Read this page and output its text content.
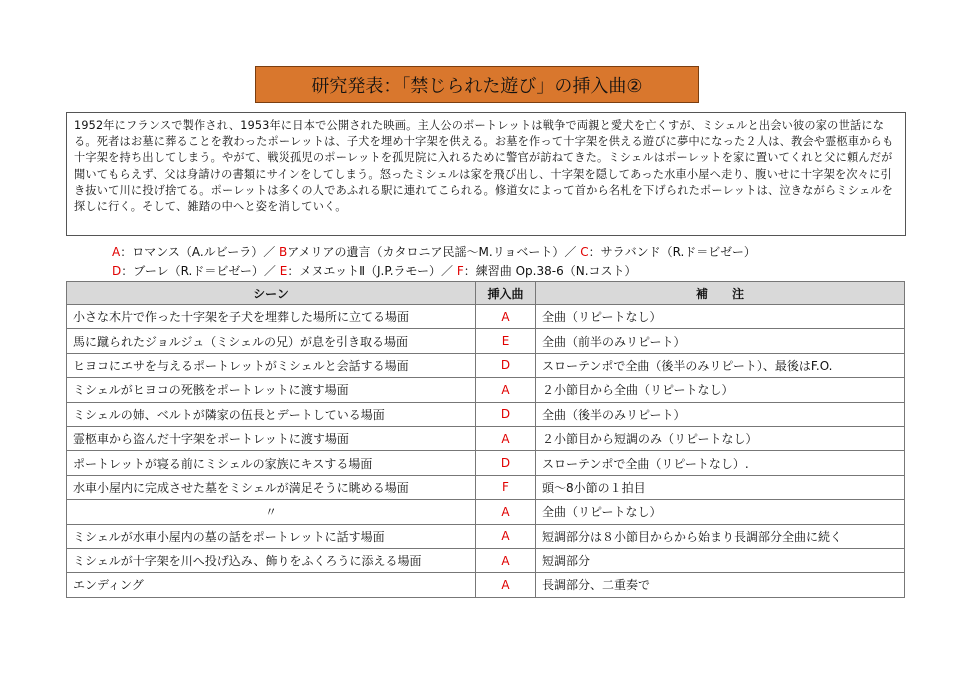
研究発表：「禁じられた遊び」の挿入曲②
1952年にフランスで製作され、1953年に日本で公開された映画。主人公のポートレットは戦争で両親と愛犬を亡くすが、ミシェルと出会い彼の家の世話になる。死者はお墓に葬ることを教わったポーレットは、子犬を埋め十字架を供える。お墓を作って十字架を供える遊びに夢中になった２人は、教会や霊柩車からも十字架を持ち出してしまう。やがて、戦災孤児のポーレットを孤児院に入れるために警官が訪ねてきた。ミシェルはポーレットを家に置いてくれと父に頼んだが聞いてもらえず、父は身請けの書類にサインをしてしまう。怒ったミシェルは家を飛び出し、十字架を隠してあった水車小屋へ走り、腹いせに十字架を次々に引き抜いて川に投げ捨てる。ポーレットは多くの人であふれる駅に連れてこられる。修道女によって首から名札を下げられたポーレットは、泣きながらミシェルを探しに行く。そして、雑踏の中へと姿を消していく。
A：ロマンス（A.ルビーラ）／ Bアメリアの遺言（カタロニア民謡〜M.リョベート）／ C：サラバンド（R.ド＝ビゼー）
D：ブーレ（R.ド＝ビゼー）／ E：メヌエットⅡ（J.P.ラモー）／ F：練習曲 Op.38-6（N.コスト）
シーン	挿入曲	補　　注
小さな木片で作った十字架を子犬を埋葬した場所に立てる場面	A	全曲（リピートなし）
馬に蹴られたジョルジュ（ミシェルの兄）が息を引き取る場面	E	全曲（前半のみリピート）
ヒヨコにエサを与えるポートレットがミシェルと会話する場面	D	スローテンポで全曲（後半のみリピート）、最後はF.O.
ミシェルがヒヨコの死骸をポートレットに渡す場面	A	２小節目から全曲（リピートなし）
ミシェルの姉、ベルトが隣家の伍長とデートしている場面	D	全曲（後半のみリピート）
霊柩車から盗んだ十字架をポートレットに渡す場面	A	２小節目から短調のみ（リピートなし）
ポートレットが寝る前にミシェルの家族にキスする場面	D	スローテンポで全曲（リピートなし）.
水車小屋内に完成させた墓をミシェルが満足そうに眺める場面	F	頭〜8小節の１拍目
〃	A	全曲（リピートなし）
ミシェルが水車小屋内の墓の話をポートレットに話す場面	A	短調部分は８小節目からから始まり長調部分全曲に続く
ミシェルが十字架を川へ投げ込み、飾りをふくろうに添える場面	A	短調部分
エンディング	A	長調部分、二重奏で
